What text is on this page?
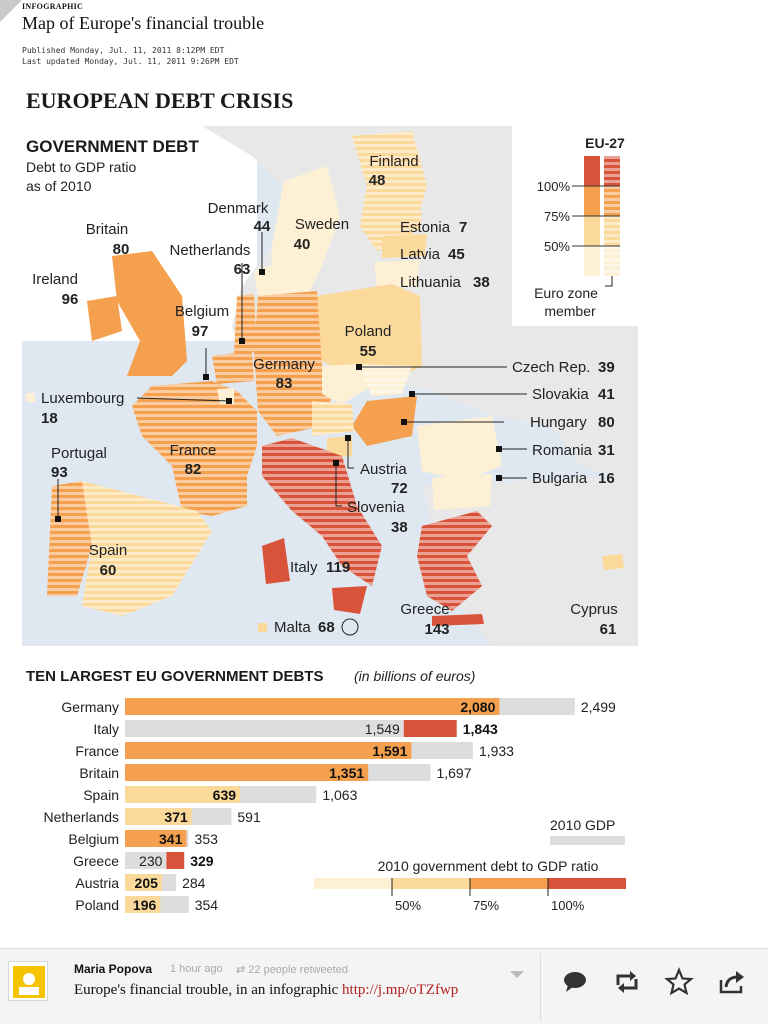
INFOGRAPHIC
Map of Europe's financial trouble
Published Monday, Jul. 11, 2011 8:12PM EDT
Last updated Monday, Jul. 11, 2011 9:26PM EDT
EUROPEAN DEBT CRISIS
GOVERNMENT DEBT
Debt to GDP ratio
as of 2010
EU-27
100%
75%
50%
Euro zone
member
Finland
48
Sweden
40
Denmark
44
Netherlands
63
Britain
80
Ireland
96
Belgium
97
Estonia 7
Latvia 45
Lithuania 38
Poland
55
Germany
83
Czech Rep. 39
Slovakia 41
Hungary 80
Luxembourg
18
Romania 31
Bulgaria 16
Portugal
93
France
82	Austria
72
Slovenia
38
Spain
60	Italy 119
Greece
143
Cyprus
61
Malta 68
TEN LARGEST EU GOVERNMENT DEBTS (in billions of euros)
Germany	2,080	2,499
Italy	1,549	1,843
France	1,591	1,933
Britain	1,351	1,697
Spain	639	1,063
Netherlands	371	591
Belgium	341 353
Greece 230 329
Austria 205 284
Poland 196	354
2010 GDP
2010 government debt to GDP ratio
50%	75%	100%
Maria Popova 1 hour ago ⇄ 22 people retweeted
Europe's financial trouble, in an infographic http://j.mp/oTZfwp
